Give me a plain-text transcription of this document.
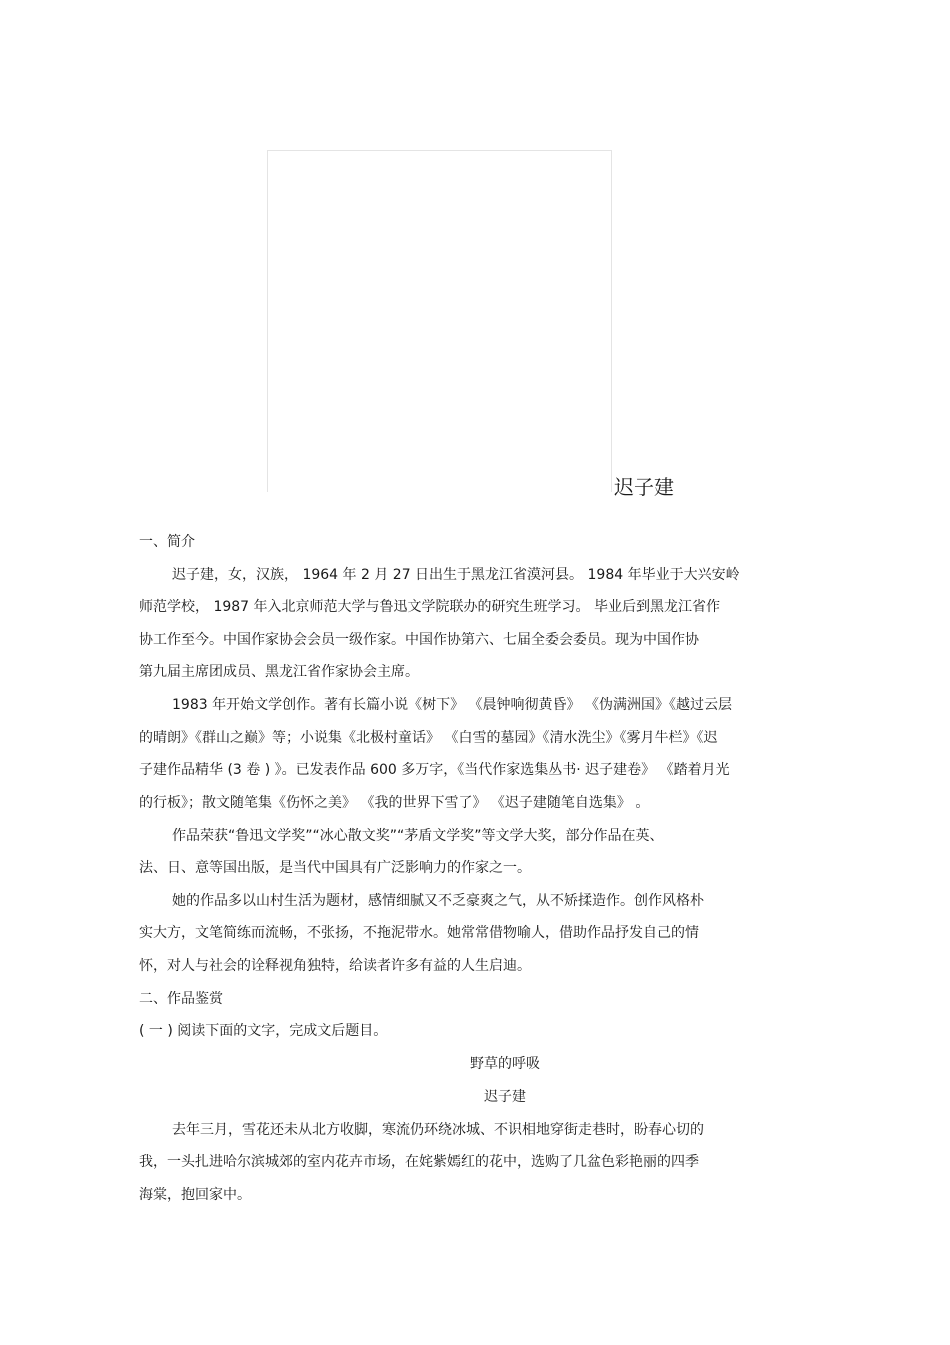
迟子建
一、简介
迟子建，女，汉族， 1964 年 2 月 27 日出生于黑龙江省漠河县。 1984 年毕业于大兴安岭
师范学校， 1987 年入北京师范大学与鲁迅文学院联办的研究生班学习。 毕业后到黑龙江省作
协工作至今。中国作家协会会员一级作家。中国作协第六、七届全委会委员。现为中国作协
第九届主席团成员、黑龙江省作家协会主席。
1983 年开始文学创作。著有长篇小说《树下》 《晨钟响彻黄昏》 《伪满洲国》《越过云层
的晴朗》《群山之巅》等；小说集《北极村童话》 《白雪的墓园》《清水洗尘》《雾月牛栏》《迟
子建作品精华 (3 卷 ) 》。已发表作品 600 多万字，《当代作家选集丛书· 迟子建卷》 《踏着月光
的行板》；散文随笔集《伤怀之美》 《我的世界下雪了》 《迟子建随笔自选集》 。
作品荣获“鲁迅文学奖”“冰心散文奖”“茅盾文学奖”等文学大奖，部分作品在英、
法、日、意等国出版，是当代中国具有广泛影响力的作家之一。
她的作品多以山村生活为题材，感情细腻又不乏豪爽之气，从不矫揉造作。创作风格朴
实大方，文笔简练而流畅，不张扬，不拖泥带水。她常常借物喻人，借助作品抒发自己的情
怀，对人与社会的诠释视角独特，给读者许多有益的人生启迪。
二、作品鉴赏
( 一 ) 阅读下面的文字，完成文后题目。
野草的呼吸
迟子建
去年三月，雪花还未从北方收脚，寒流仍环绕冰城、不识相地穿街走巷时，盼春心切的
我，一头扎进哈尔滨城郊的室内花卉市场，在姹紫嫣红的花中，选购了几盆色彩艳丽的四季
海棠，抱回家中。
